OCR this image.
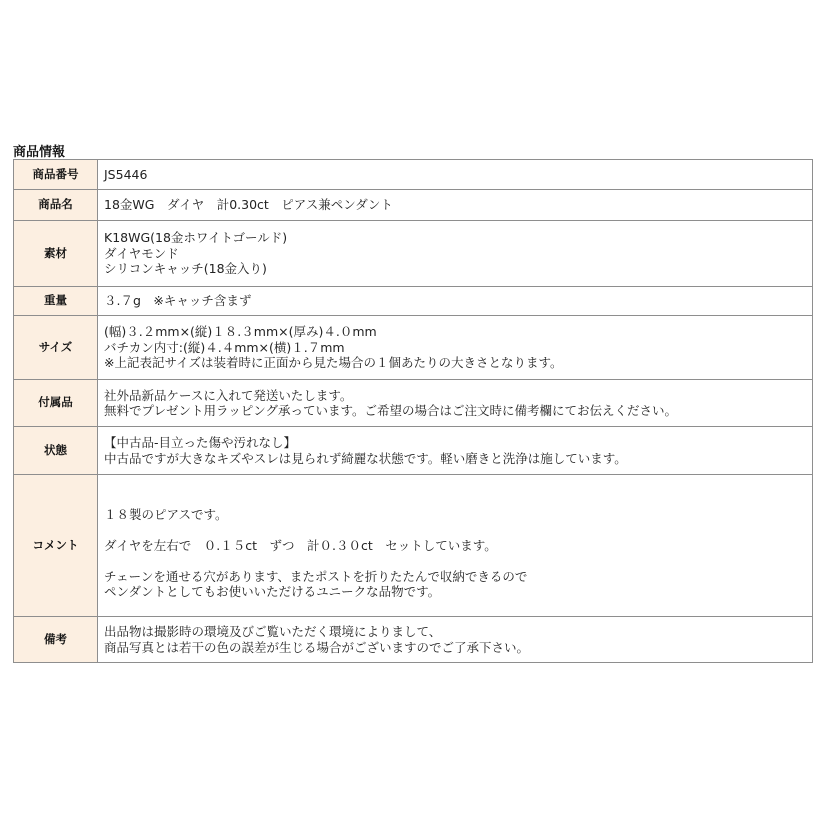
商品情報
商品番号	JS5446

商品名	18金WG　ダイヤ　計0.30ct　ピアス兼ペンダント

素材	K18WG(18金ホワイトゴールド)
ダイヤモンド
シリコンキャッチ(18金入り)

重量	３.７g　※キャッチ含まず

サイズ	(幅)３.２mm×(縦)１８.３mm×(厚み)４.０mm
バチカン内寸:(縦)４.４mm×(横)１.７mm
※上記表記サイズは装着時に正面から見た場合の１個あたりの大きさとなります。

付属品	社外品新品ケースに入れて発送いたします。
無料でプレゼント用ラッピング承っています。ご希望の場合はご注文時に備考欄にてお伝えください。

状態	【中古品-目立った傷や汚れなし】
中古品ですが大きなキズやスレは見られず綺麗な状態です。軽い磨きと洗浄は施しています。

コメント	１８製のピアスです。
ダイヤを左右で　０.１５ct　ずつ　計０.３０ct　セットしています。
チェーンを通せる穴があります、またポストを折りたたんで収納できるので
ペンダントとしてもお使いいただけるユニークな品物です。

備考	出品物は撮影時の環境及びご覧いただく環境によりまして、
商品写真とは若干の色の誤差が生じる場合がございますのでご了承下さい。
